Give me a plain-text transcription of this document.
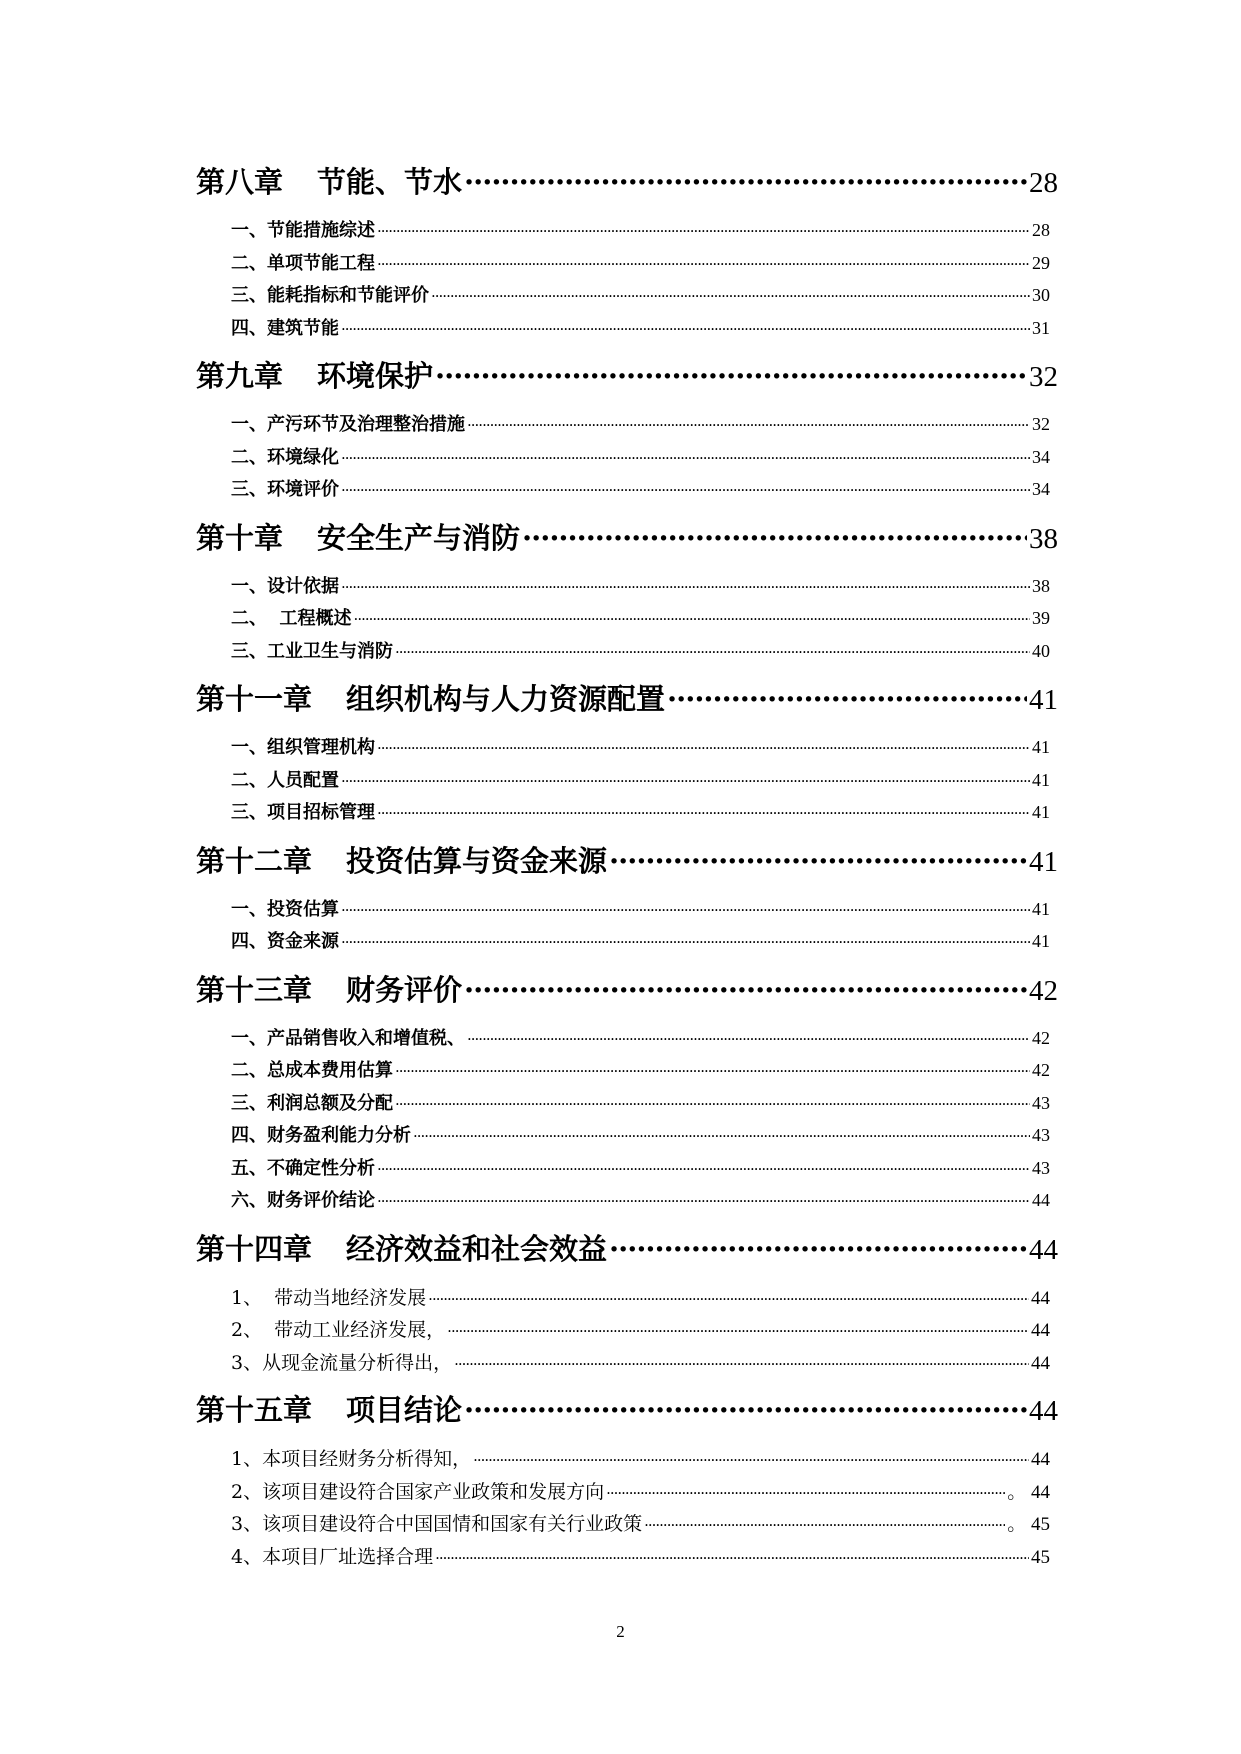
第八章 节能、节水 ·····	28
一、节能措施综述 ·····	28
二、单项节能工程 ·····	29
三、能耗指标和节能评价 ·····	30
四、建筑节能 ·····	31
第九章 环境保护 ·····	32
一、产污环节及治理整治措施 ·····	32
二、环境绿化 ·····	34
三、环境评价 ·····	34
第十章 安全生产与消防 ·····	38
一、设计依据 ·····	38
二、  工程概述 ·····	39
三、工业卫生与消防 ·····	40
第十一章 组织机构与人力资源配置 ·····	41
一、组织管理机构 ·····	41
二、人员配置 ·····	41
三、项目招标管理 ·····	41
第十二章 投资估算与资金来源 ·····	41
一、投资估算 ·····	41
四、资金来源 ·····	41
第十三章 财务评价 ·····	42
一、产品销售收入和增值税、 ·····	42
二、总成本费用估算 ·····	42
三、利润总额及分配 ·····	43
四、财务盈利能力分析 ·····	43
五、不确定性分析 ·····	43
六、财务评价结论 ·····	44
第十四章 经济效益和社会效益 ·····	44
1、  带动当地经济发展 ·····	44
2、  带动工业经济发展， ·····	44
3、从现金流量分析得出， ·····	44
第十五章 项目结论 ·····	44
1、本项目经财务分析得知， ·····	44
2、该项目建设符合国家产业政策和发展方向 ·····	。 44
3、该项目建设符合中国国情和国家有关行业政策 ·····	。 45
4、本项目厂址选择合理 ·····	45
2
